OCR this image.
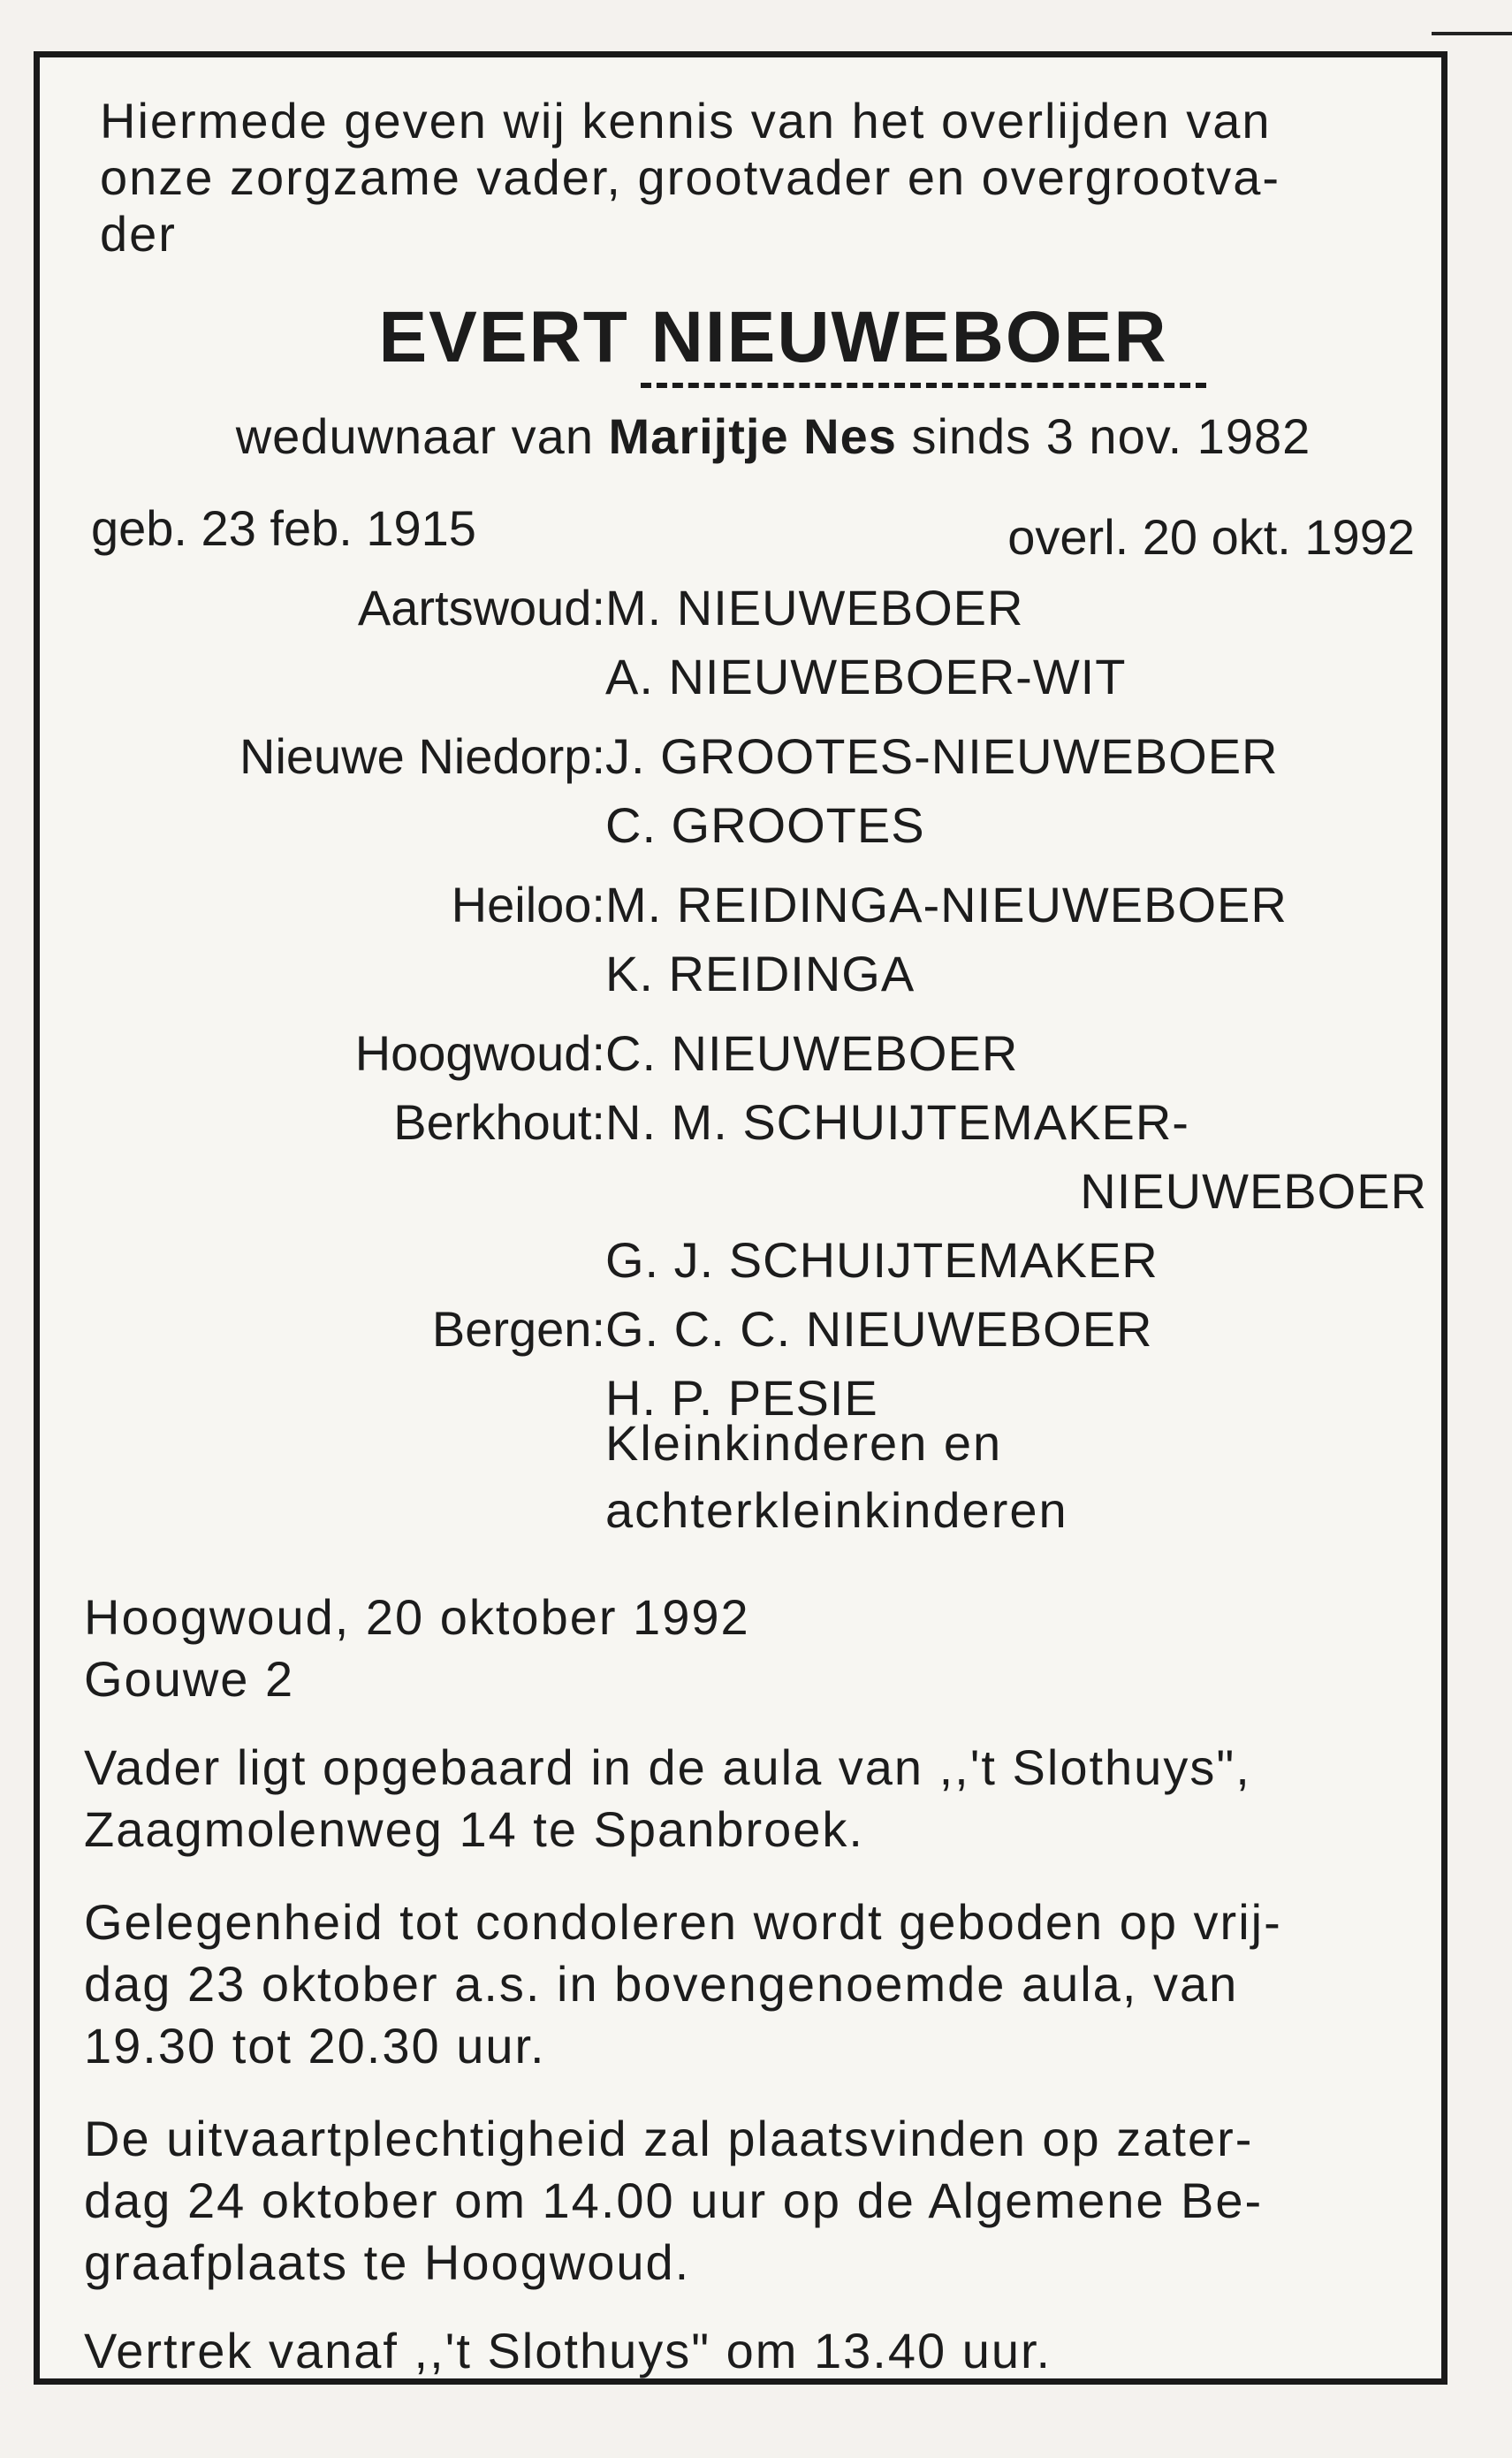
Hiermede geven wij kennis van het overlijden van
onze zorgzame vader, grootvader en overgrootva-
der
EVERT NIEUWEBOER
weduwnaar van Marijtje Nes sinds 3 nov. 1982
geb. 23 feb. 1915	overl. 20 okt. 1992
Aartswoud: M. NIEUWEBOER
A. NIEUWEBOER-WIT
Nieuwe Niedorp: J. GROOTES-NIEUWEBOER
C. GROOTES
Heiloo: M. REIDINGA-NIEUWEBOER
K. REIDINGA
Hoogwoud: C. NIEUWEBOER
Berkhout: N. M. SCHUIJTEMAKER-
NIEUWEBOER
G. J. SCHUIJTEMAKER
Bergen: G. C. C. NIEUWEBOER
H. P. PESIE
Kleinkinderen en
achterkleinkinderen
Hoogwoud, 20 oktober 1992
Gouwe 2
Vader ligt opgebaard in de aula van ,,'t Slothuys",
Zaagmolenweg 14 te Spanbroek.
Gelegenheid tot condoleren wordt geboden op vrij-
dag 23 oktober a.s. in bovengenoemde aula, van
19.30 tot 20.30 uur.
De uitvaartplechtigheid zal plaatsvinden op zater-
dag 24 oktober om 14.00 uur op de Algemene Be-
graafplaats te Hoogwoud.
Vertrek vanaf ,,'t Slothuys" om 13.40 uur.
